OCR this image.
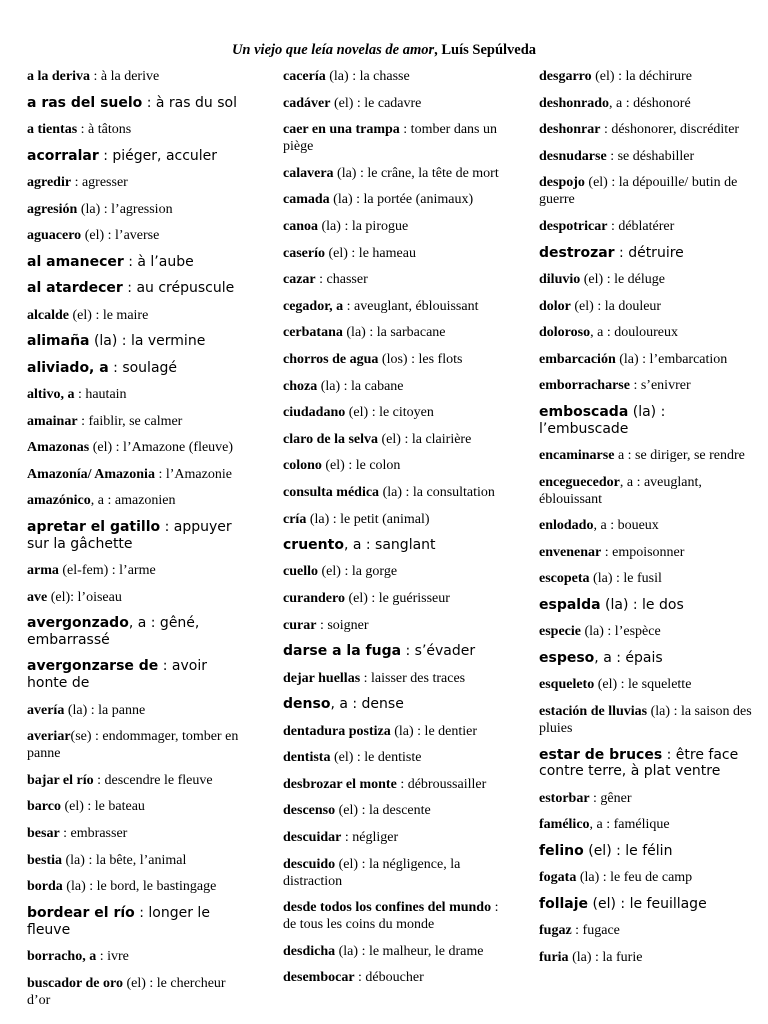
Un viejo que leía novelas de amor, Luís Sepúlveda
a la deriva : à la derive
a ras del suelo : à ras du sol
a tientas : à tâtons
acorralar : piéger, acculer
agredir : agresser
agresión (la) : l’agression
aguacero (el) : l’averse
al amanecer : à l’aube
al atardecer : au crépuscule
alcalde (el) : le maire
alimaña (la) : la vermine
aliviado, a : soulagé
altivo, a : hautain
amainar : faiblir, se calmer
Amazonas (el) : l’Amazone (fleuve)
Amazonía/ Amazonia : l’Amazonie
amazónico, a : amazonien
apretar el gatillo : appuyer sur la gâchette
arma (el-fem) : l’arme
ave (el): l’oiseau
avergonzado, a : gêné, embarrassé
avergonzarse de : avoir honte de
avería (la) : la panne
averiar(se) : endommager, tomber en panne
bajar el río : descendre le fleuve
barco (el) : le bateau
besar : embrasser
bestia (la) : la bête, l’animal
borda (la) : le bord, le bastingage
bordear el río : longer le fleuve
borracho, a : ivre
buscador de oro (el) : le chercheur d’or
cacería (la) : la chasse
cadáver (el) : le cadavre
caer en una trampa : tomber dans un piège
calavera (la) : le crâne, la tête de mort
camada (la) : la portée (animaux)
canoa (la) : la pirogue
caserío (el) : le hameau
cazar : chasser
cegador, a : aveuglant, éblouissant
cerbatana (la) : la sarbacane
chorros de agua (los) : les flots
choza (la) : la cabane
ciudadano (el) : le citoyen
claro de la selva (el) : la clairière
colono (el) : le colon
consulta médica (la) : la consultation
cría (la) : le petit (animal)
cruento, a : sanglant
cuello (el) : la gorge
curandero (el) : le guérisseur
curar : soigner
darse a la fuga : s’évader
dejar huellas : laisser des traces
denso, a : dense
dentadura postiza (la) : le dentier
dentista (el) : le dentiste
desbrozar el monte : débroussailler
descenso (el) : la descente
descuidar : négliger
descuido (el) : la négligence, la distraction
desde todos los confines del mundo : de tous les coins du monde
desdicha (la) : le malheur, le drame
desembocar : déboucher
desgarro (el) : la déchirure
deshonrado, a : déshonoré
deshonrar : déshonorer, discréditer
desnudarse : se déshabiller
despojo (el) : la dépouille/ butin de guerre
despotricar : déblatérer
destrozar : détruire
diluvio (el) : le déluge
dolor (el) : la douleur
doloroso, a : douloureux
embarcación (la) : l’embarcation
emborracharse : s’enivrer
emboscada (la) : l’embuscade
encaminarse a : se diriger, se rendre
enceguecedor, a : aveuglant, éblouissant
enlodado, a : boueux
envenenar : empoisonner
escopeta (la) : le fusil
espalda (la) : le dos
especie (la) : l’espèce
espeso, a : épais
esqueleto (el) : le squelette
estación de lluvias (la) : la saison des pluies
estar de bruces : être face contre terre, à plat ventre
estorbar : gêner
famélico, a : famélique
felino (el) : le félin
fogata (la) : le feu de camp
follaje (el) : le feuillage
fugaz : fugace
furia (la) : la furie
